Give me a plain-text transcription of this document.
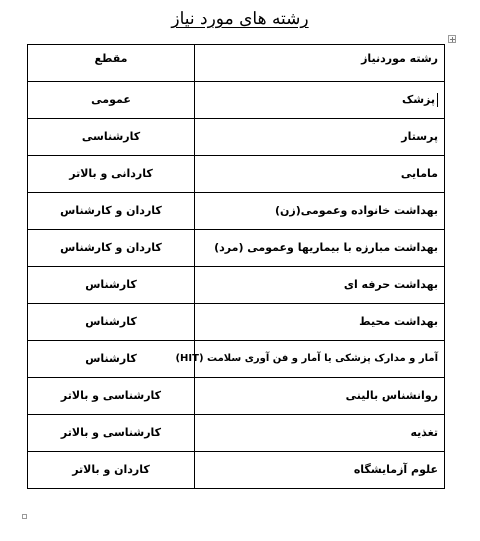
رشته های مورد نیاز
مقطع	رشته موردنیاز

عمومی	پزشک
کارشناسی	پرستار
کاردانی و بالاتر	مامایی
کاردان و کارشناس	بهداشت خانواده وعمومی(زن)
کاردان و کارشناس	بهداشت مبارزه با بیماریها وعمومی (مرد)
کارشناس	بهداشت حرفه ای
کارشناس	بهداشت محیط
کارشناس	آمار و مدارک پزشکی یا آمار و فن آوری سلامت (HIT)
کارشناسی و بالاتر	روانشناس بالینی
کارشناسی و بالاتر	تغذیه
کاردان و بالاتر	علوم آزمایشگاه
